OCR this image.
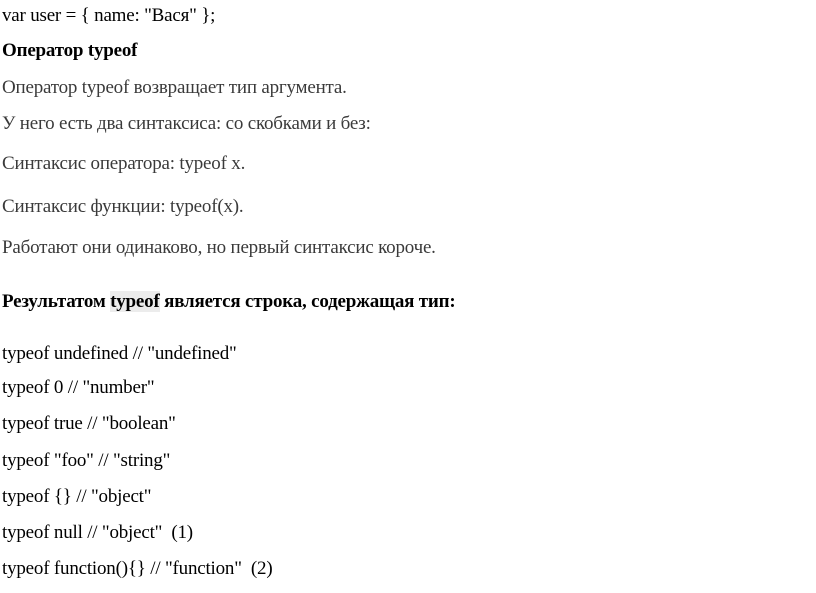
var user = { name: "Вася" };
Оператор typeof
Оператор typeof возвращает тип аргумента.
У него есть два синтаксиса: со скобками и без:
Синтаксис оператора: typeof x.
Синтаксис функции: typeof(x).
Работают они одинаково, но первый синтаксис короче.
Результатом typeof является строка, содержащая тип:
typeof undefined // "undefined"
typeof 0 // "number"
typeof true // "boolean"
typeof "foo" // "string"
typeof {} // "object"
typeof null // "object"  (1)
typeof function(){} // "function"  (2)
